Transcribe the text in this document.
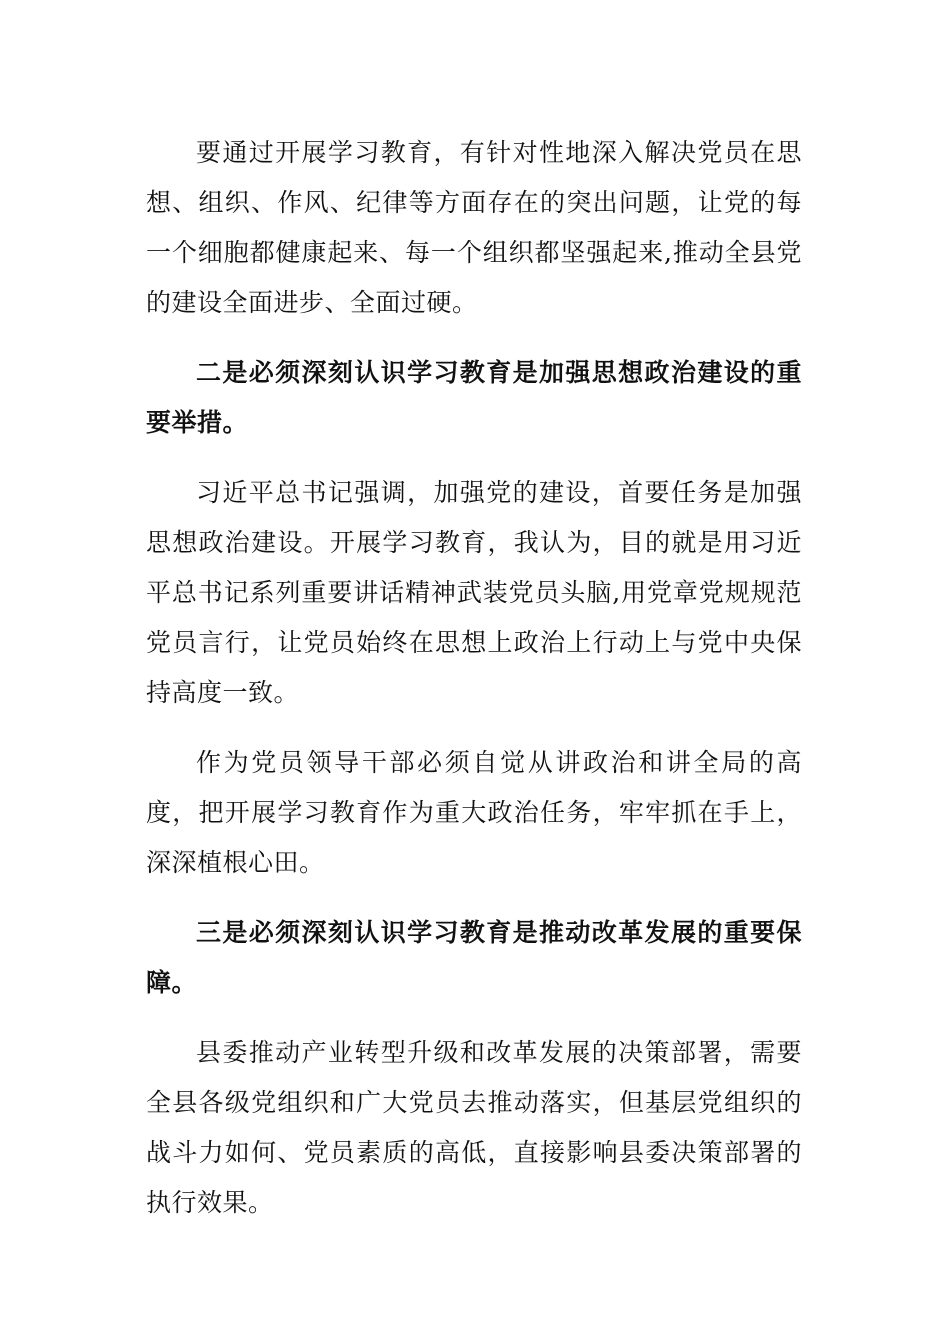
要通过开展学习教育，有针对性地深入解决党员在思想、组织、作风、纪律等方面存在的突出问题，让党的每一个细胞都健康起来、每一个组织都坚强起来,推动全县党的建设全面进步、全面过硬。

二是必须深刻认识学习教育是加强思想政治建设的重要举措。

习近平总书记强调，加强党的建设，首要任务是加强思想政治建设。开展学习教育，我认为，目的就是用习近平总书记系列重要讲话精神武装党员头脑,用党章党规规范党员言行，让党员始终在思想上政治上行动上与党中央保持高度一致。

作为党员领导干部必须自觉从讲政治和讲全局的高度，把开展学习教育作为重大政治任务，牢牢抓在手上，深深植根心田。

三是必须深刻认识学习教育是推动改革发展的重要保障。

县委推动产业转型升级和改革发展的决策部署，需要全县各级党组织和广大党员去推动落实，但基层党组织的战斗力如何、党员素质的高低，直接影响县委决策部署的执行效果。
